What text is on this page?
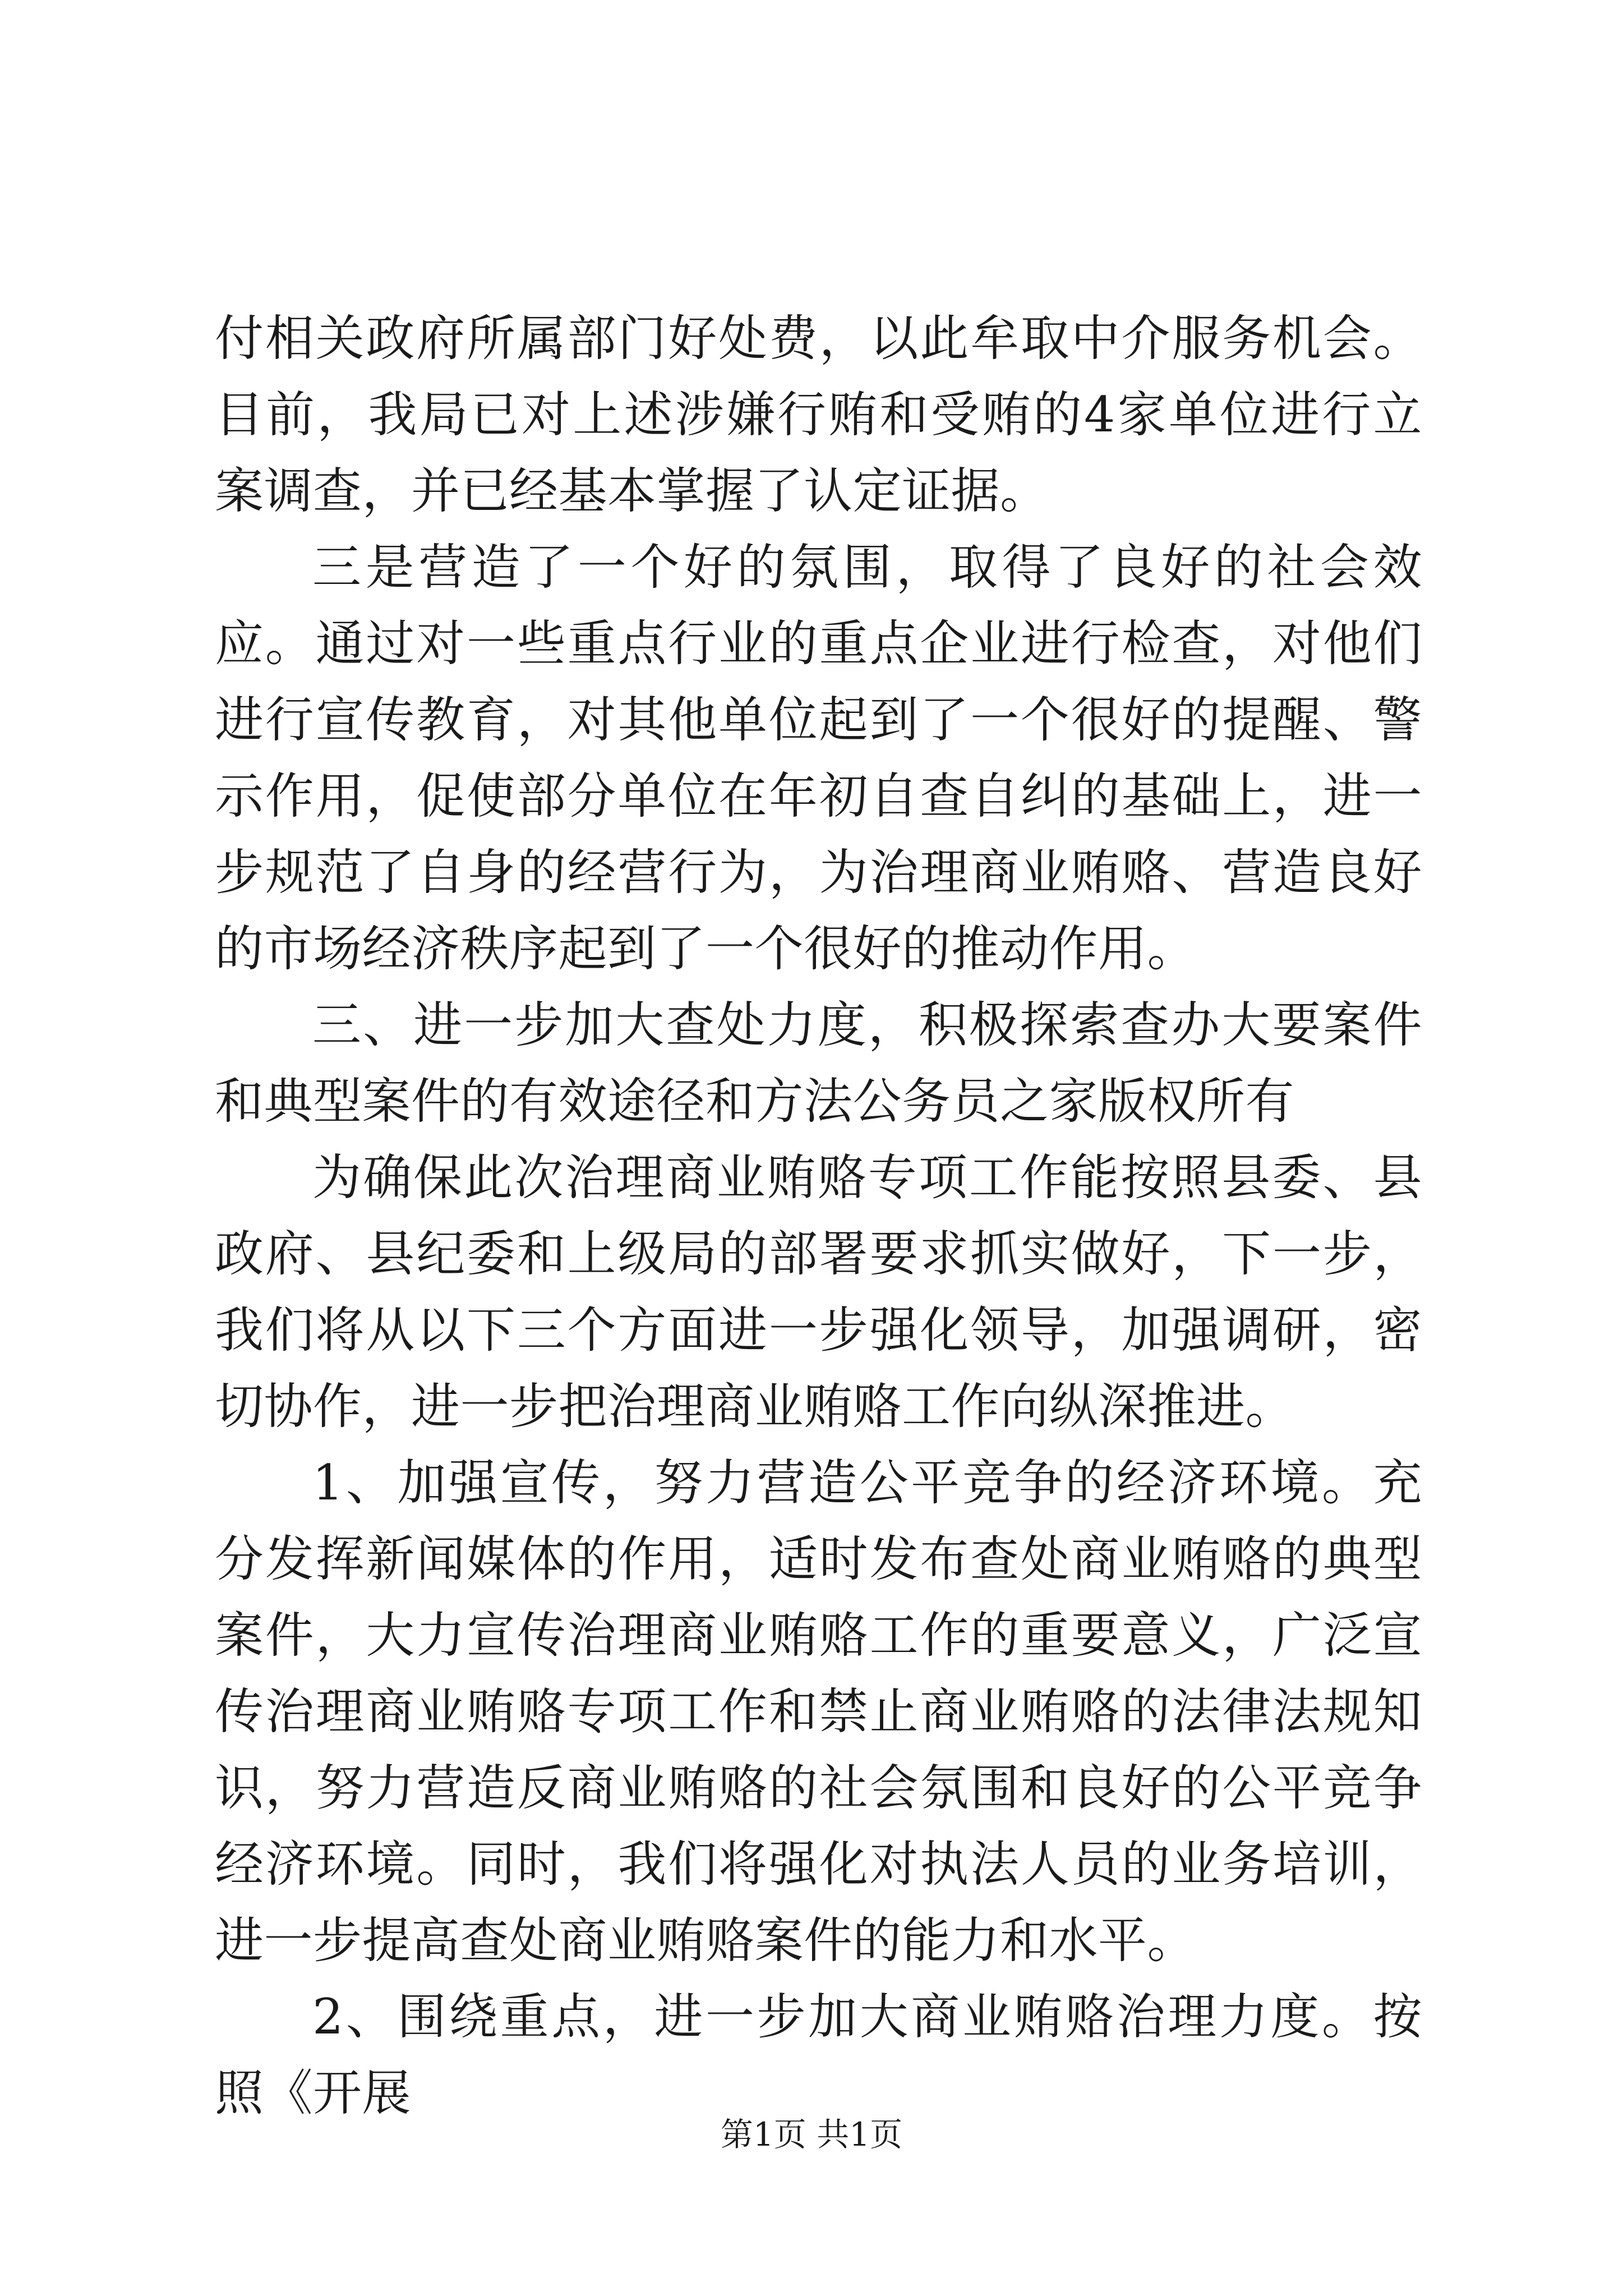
付相关政府所属部门好处费，以此牟取中介服务机会。目前，我局已对上述涉嫌行贿和受贿的4家单位进行立案调查，并已经基本掌握了认定证据。

三是营造了一个好的氛围，取得了良好的社会效应。通过对一些重点行业的重点企业进行检查，对他们进行宣传教育，对其他单位起到了一个很好的提醒、警示作用，促使部分单位在年初自查自纠的基础上，进一步规范了自身的经营行为，为治理商业贿赂、营造良好的市场经济秩序起到了一个很好的推动作用。

三、进一步加大查处力度，积极探索查办大要案件和典型案件的有效途径和方法公务员之家版权所有

为确保此次治理商业贿赂专项工作能按照县委、县政府、县纪委和上级局的部署要求抓实做好，下一步，我们将从以下三个方面进一步强化领导，加强调研，密切协作，进一步把治理商业贿赂工作向纵深推进。

1、加强宣传，努力营造公平竞争的经济环境。充分发挥新闻媒体的作用，适时发布查处商业贿赂的典型案件，大力宣传治理商业贿赂工作的重要意义，广泛宣传治理商业贿赂专项工作和禁止商业贿赂的法律法规知识，努力营造反商业贿赂的社会氛围和良好的公平竞争经济环境。同时，我们将强化对执法人员的业务培训，进一步提高查处商业贿赂案件的能力和水平。

2、围绕重点，进一步加大商业贿赂治理力度。按照《开展

第1页 共1页
